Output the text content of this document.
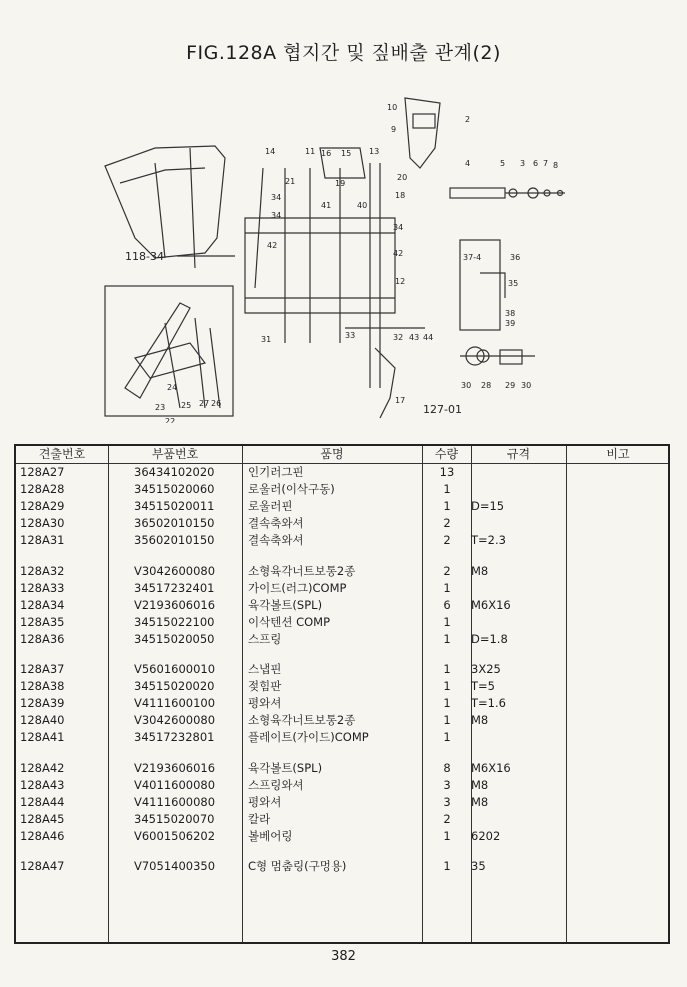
FIG.128A 협지간 및 짚배출 관계(2)
10
9
2
14	11 16 15 13
4	5 3 6 7 8
19
20
21
18
41	40
34
34
34
42
42
12
37-4	36
35
118-34
31	32
33	43 44
38
39
30 28 29 30
17
127-01
22
23 25 27 26
24
견출번호	부품번호	품명	수량	규격	비고
128A27	36434102020	인기러그핀	13
128A28	34515020060	로울러(이삭구동)	1
128A29	34515020011	로울러핀	1	D=15
128A30	36502010150	결속축와셔	2
128A31	35602010150	결속축와셔	2	T=2.3
128A32	V3042600080	소형육각너트보통2종	2	M8
128A33	34517232401	가이드(러그)COMP	1
128A34	V2193606016	육각볼트(SPL)	6	M6X16
128A35	34515022100	이삭텐션 COMP	1
128A36	34515020050	스프링	1	D=1.8
128A37	V5601600010	스냅핀	1	3X25
128A38	34515020020	젖힘판	1	T=5
128A39	V4111600100	평와셔	1	T=1.6
128A40	V3042600080	소형육각너트보통2종	1	M8
128A41	34517232801	플레이트(가이드)COMP	1
128A42	V2193606016	육각볼트(SPL)	8	M6X16
128A43	V4011600080	스프링와셔	3	M8
128A44	V4111600080	평와셔	3	M8
128A45	34515020070	칼라	2
128A46	V6001506202	볼베어링	1	6202
128A47	V7051400350	C형 멈춤링(구멍용)	1	35
382
